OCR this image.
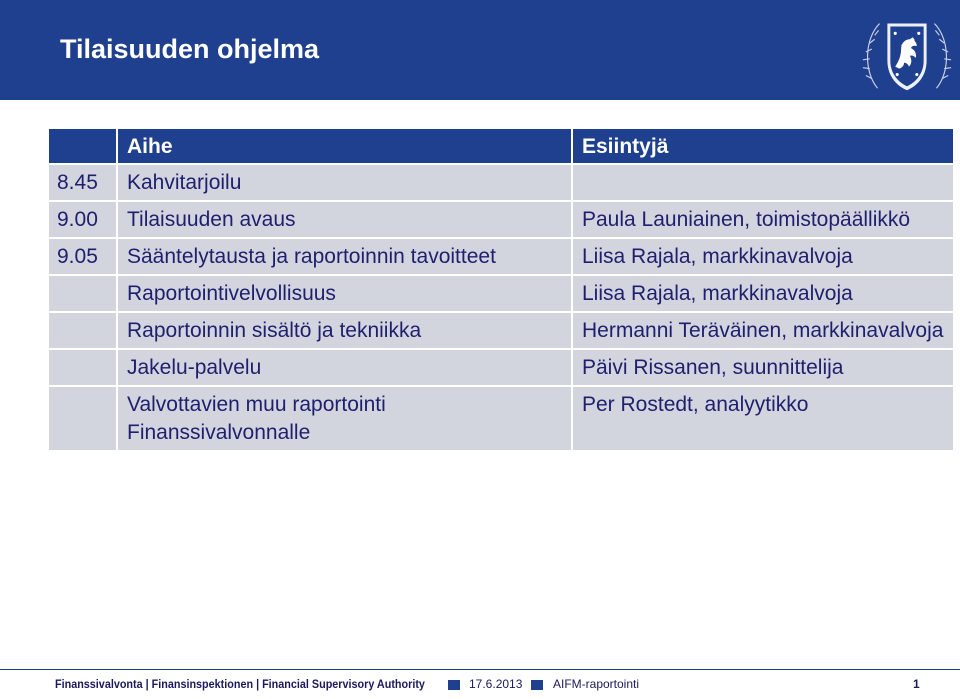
Tilaisuuden ohjelma
	Aihe	Esiintyjä
8.45	Kahvitarjoilu	
9.00	Tilaisuuden avaus	Paula Launiainen, toimistopäällikkö
9.05	Sääntelytausta ja raportoinnin tavoitteet	Liisa Rajala, markkinavalvoja
	Raportointivelvollisuus	Liisa Rajala, markkinavalvoja
	Raportoinnin sisältö ja tekniikka	Hermanni Teräväinen, markkinavalvoja
	Jakelu-palvelu	Päivi Rissanen, suunnittelija
	Valvottavien muu raportointi Finanssivalvonnalle	Per Rostedt, analyytikko
Finanssivalvonta | Finansinspektionen | Financial Supervisory Authority	17.6.2013	AIFM-raportointi	1
